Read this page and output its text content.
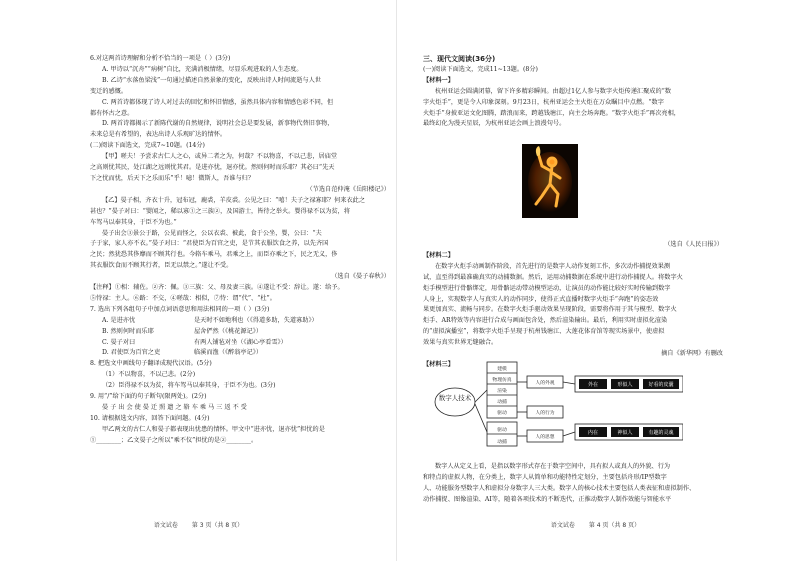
6.对这两首诗理解和分析不恰当的一项是（ ）(3分)

A. 甲诗以“沉舟”“病树”自比，充满消极情绪，尽显乐观进取的人生态度。

B. 乙诗“水落鱼梁浅”一句通过描述自然景象的变化，反映出诗人时间流逝与人世

变迁的感慨。

C. 两首诗都体现了诗人对过去的回忆和怀旧情感，虽然具体内容和情感色彩不同，但

都有怀古之意。

D. 两首诗都揭示了新陈代谢的自然规律，说明社会总是要发展，新事物代替旧事物，

未来总是有希望的，表达出诗人乐观旷达的情怀。

(二)阅读下面选文，完成7~10题。(14分)

【甲】嗟夫！予尝求古仁人之心，或异二者之为，何哉？不以物喜，不以己悲，居庙堂

之高则忧其民，处江湖之远则忧其君。是进亦忧，退亦忧。然则何时而乐耶？其必曰“先天

下之忧而忧，后天下之乐而乐”乎！噫！微斯人，吾谁与归？

（节选自范仲淹《岳阳楼记》）

【乙】晏子相，齐衣十升，冠布冠，鹿裘，羊皮裘。公见之曰：“嘻！夫子之禄寡耶？何来衣此之

甚也？”晏子对曰：“婴闻之，稀以寡①之三族②，及国游士，皆待之举火。婴得禄不以为贫，将

车驾马以奉其身，于臣不为也。”

晏子出会③景公于路，公见而怪之，公以衣裘、被此，食于公坐，婴，公曰：“夫

子于家，家人亦不衣。”晏子对曰：“君使臣为百官之吏，是节其衣服饮食之养，以先齐国

之民；然犹恐其侈靡而不顾其行也。今辂车乘马，君乘之上，而臣亦乘之下，民之无义，侈

其衣服饮食而不顾其行者，臣无以禁之。”遂让不受。

（选自《晏子春秋》）

【注释】①相：辅佐。②齐：佩。③三族：父、母及妻三族。④遂让不受：辞让。遂：给予。

⑤恃禄：主人。⑥路：不交，④嗟哉：相似，⑦恃：谓“代”、“杜”。

7. 选出下列各组句子中加点词语意思和用法相同的一项（ ）(3分)

A. 是进亦忧	是天时不如地利也（《得道多助，失道寡助》）

B. 然则何时而乐耶	屋舍俨然（《桃花源记》）

C. 晏子对曰	有两人铺毡对坐（《湖心亭看雪》）

D. 君使臣为百官之吏	临溪而渔（《醉翁亭记》）

8. 把选文中画线句子翻译成现代汉语。(5分)

（1）不以物喜，不以己悲。(2分)

（2）臣得禄不以为贫，将车驾马以奉其身，于臣不为也。(3分)

9. 用“/”给下面的句子断句(限两处)。(2分)

晏 子 出 会 使 晏 迁 照 遗 之 辂 车 乘 马 三 返 不 受

10. 请根据选文内容，回答下面问题。(4分)

甲乙两文的古仁人和晏子都表现出忧患的情怀。甲文中“进亦忧，退亦忧”担忧的是

①________；乙文晏子之所以“乘不仪”担忧的是②________。

语文试卷 第 3 页（共 8 页）

三、现代文阅读(36分)

(一)阅读下面选文，完成11~13题。(8分)

【材料一】

杭州亚运会圆满闭幕，留下许多精彩瞬间。由超过1亿人参与数字火炬传递汇聚成的“数

字火炬手”，更是令人印象深刻。9月23日，杭州亚运会主火炬在万众瞩目中点燃。“数字

火炬手”身披亚运文化图腾，踏浪而来，跨越钱塘江，向主会场奔跑。“数字火炬手”再次亮相，

最终幻化为漫天星辰，为杭州亚运会画上浪漫句号。

（选自《人民日报》）

【材料二】

在数字火炬手动画制作阶段，首先进行的是数字人动作复刻工作，多次动作捕捉效果测

试，直至得到最准确真实的动捕数据。然后，运用动捕数据在系统中进行动作捕捉人。将数字火

炬手模型进行骨骼绑定，用骨骼运动带动模型运动，让演员的动作能比较好实时传输到数字

人身上，实现数字人与真实人的动作同步，使得正式直播时数字火炬手“奔跑”的姿态效

果更加真实、流畅与同步。在数字火炬手驱动效果呈现阶段，需要将作用于其与模型、数字火

炬手、AR特效等内容进行合成与画面包含处，然后渲染输出。最后，利用实时虚拟化渲染

的“虚拟演播室”，将数字火炬手呈现于杭州钱塘江、大莲花体育馆等现实场景中，使虚拟

效果与真实世界无缝融合。

摘自《新华网》有删改

【材料三】

数字人技术
建模
物理仿真
渲染
动捕
驱动
驱动
动捕
人的外观
人的行为
人的思想
外在	形似人	好看的皮囊
内在	神似人	有趣的灵魂

数字人从定义上看，是指以数字形式存在于数字空间中，具有拟人或真人的外貌、行为

和特点的虚拟人物，在分类上，数字人从简单和功能特性定划分，主要包括舟形/IP型数字

人、功能服务型数字人和虚拟分身数字人三大类。数字人的核心技术主要包括人类表征和虚拟制作、

动作捕捉、图像渲染、AI等，随着各项技术的不断迭代，正推动数字人制作效能与智能水平

语文试卷 第 4 页（共 8 页）
